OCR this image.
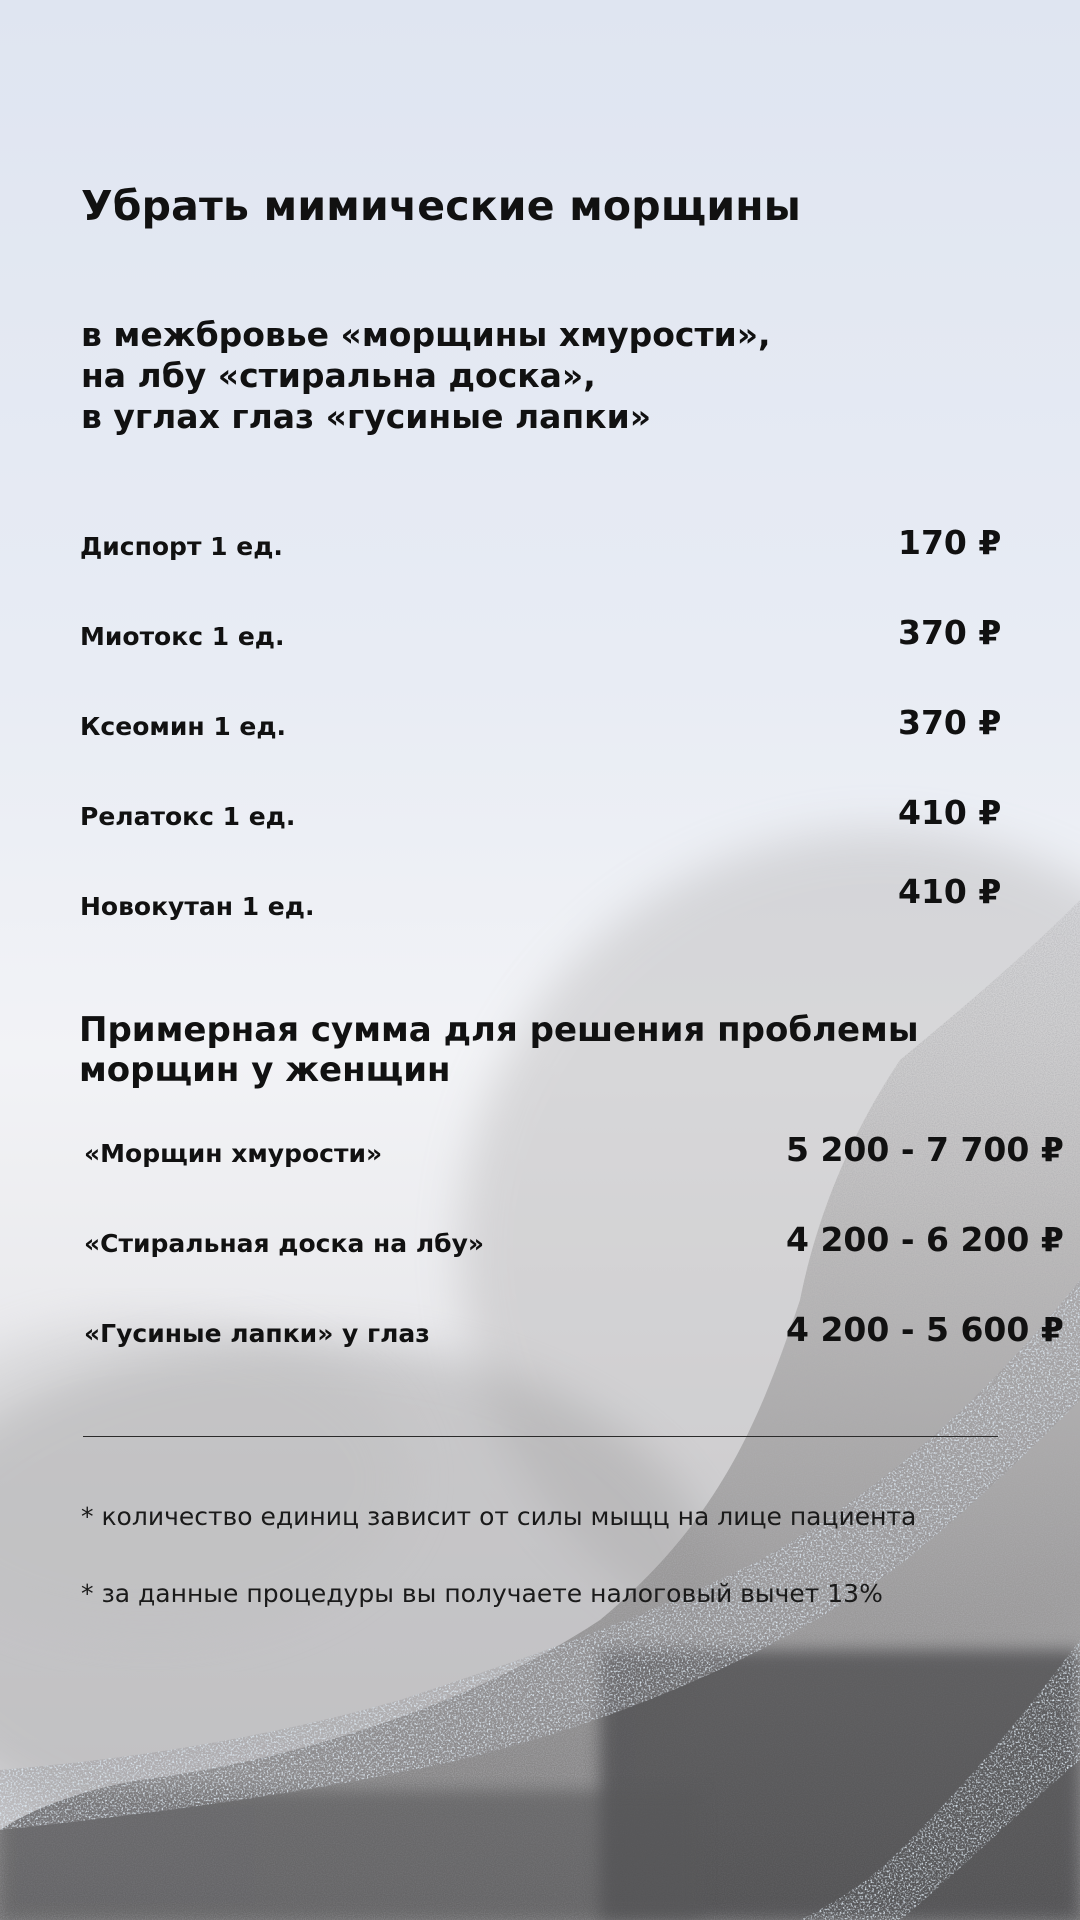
Убрать мимические морщины
в межбровье «морщины хмурости»,
на лбу «стиральна доска»,
в углах глаз «гусиные лапки»
Диспорт 1 ед.	170 ₽
Миотокс 1 ед.	370 ₽
Ксеомин 1 ед.	370 ₽
Релатокс 1 ед.	410 ₽
Новокутан 1 ед.	410 ₽
Примерная сумма для решения проблемы
морщин у женщин
«Морщин хмурости»	5 200 - 7 700 ₽
«Стиральная доска на лбу»	4 200 - 6 200 ₽
«Гусиные лапки» у глаз	4 200 - 5 600 ₽
* количество единиц зависит от силы мыщц на лице пациента
* за данные процедуры вы получаете налоговый вычет 13%
